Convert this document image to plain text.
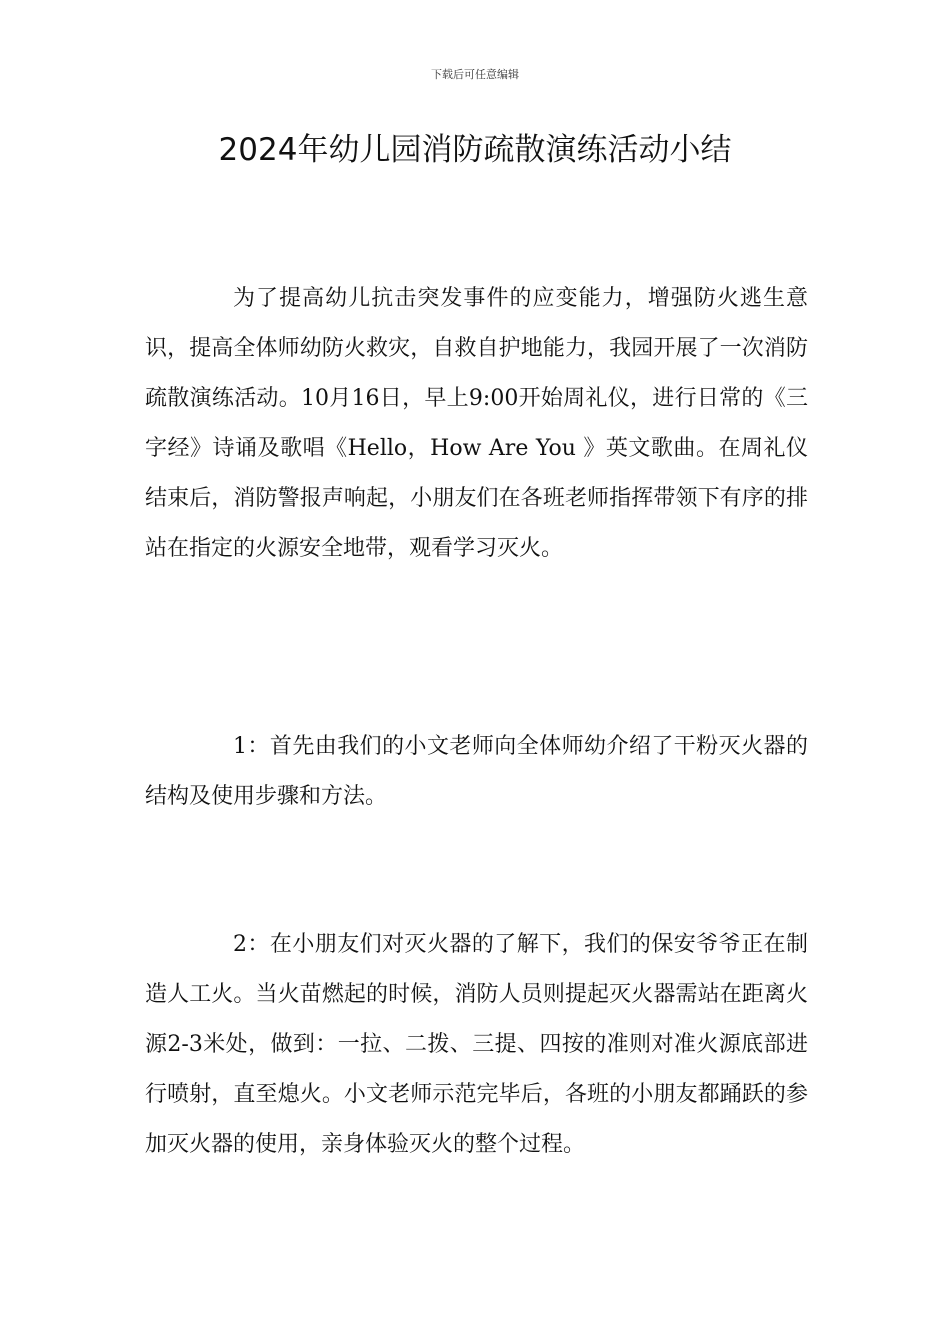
下载后可任意编辑
2024年幼儿园消防疏散演练活动小结

为了提高幼儿抗击突发事件的应变能力，增强防火逃生意识，提高全体师幼防火救灾，自救自护地能力，我园开展了一次消防疏散演练活动。10月16日，早上9:00开始周礼仪，进行日常的《三字经》诗诵及歌唱《Hello，How Are You 》英文歌曲。在周礼仪结束后，消防警报声响起，小朋友们在各班老师指挥带领下有序的排站在指定的火源安全地带，观看学习灭火。

1：首先由我们的小文老师向全体师幼介绍了干粉灭火器的结构及使用步骤和方法。

2：在小朋友们对灭火器的了解下，我们的保安爷爷正在制造人工火。当火苗燃起的时候，消防人员则提起灭火器需站在距离火源2-3米处，做到：一拉、二拨、三提、四按的准则对准火源底部进行喷射，直至熄火。小文老师示范完毕后，各班的小朋友都踊跃的参加灭火器的使用，亲身体验灭火的整个过程。
